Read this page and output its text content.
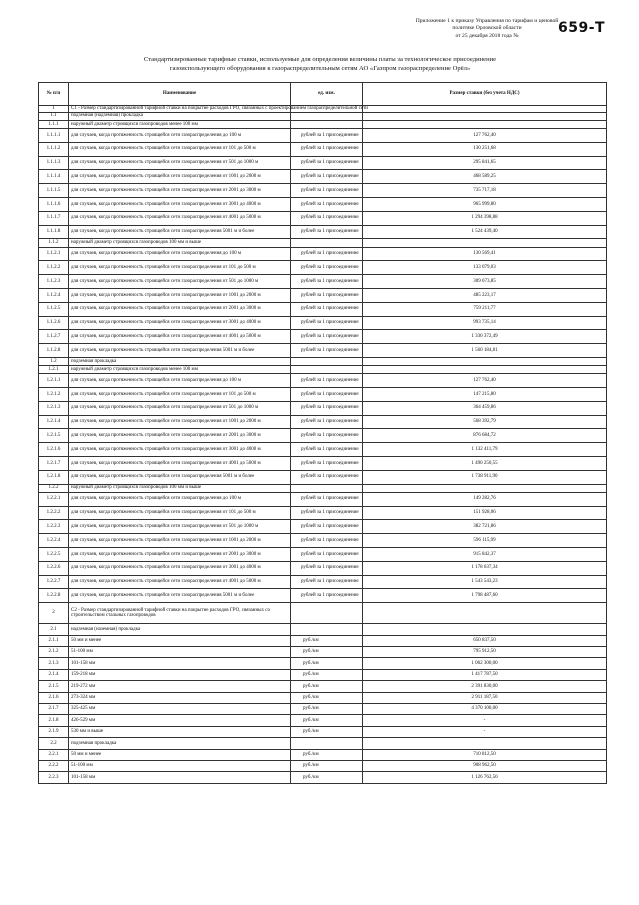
Приложение 1 к приказу Управления по тарифам и ценовой
политике Орловской области
от 25 декабря 2018 года №	659-Т
Стандартизированные тарифные ставки, используемые для определения величины платы за технологическое присоединение
газоиспользующего оборудования к газораспределительным сетям АО «Газпром газораспределение Орёл»
№ п/п	Наименование	ед. изм.	Размер ставки (без учета НДС)
1	С1 - Размер стандартизированной тарифной ставки на покрытие расходов ГРО, связанных с проектированием газораспределительной сети		
1.1	подземная (надземная) прокладка		
1.1.1	наружный диаметр строящихся газопроводов менее 100 мм		
1.1.1.1	для случаев, когда протяженность строящейся сети газораспределения до 100 м	рублей за 1 присоединение	127 762,40
1.1.1.2	для случаев, когда протяженность строящейся сети газораспределения от 101 до 500 м	рублей за 1 присоединение	130 251,68
1.1.1.3	для случаев, когда протяженность строящейся сети газораспределения от 501 до 1000 м	рублей за 1 присоединение	295 841,65
1.1.1.4	для случаев, когда протяженность строящейся сети газораспределения от 1001 до 2000 м	рублей за 1 присоединение	468 589,25
1.1.1.5	для случаев, когда протяженность строящейся сети газораспределения от 2001 до 3000 м	рублей за 1 присоединение	735 717,18
1.1.1.6	для случаев, когда протяженность строящейся сети газораспределения от 3001 до 4000 м	рублей за 1 присоединение	965 999,80
1.1.1.7	для случаев, когда протяженность строящейся сети газораспределения от 4001 до 5000 м	рублей за 1 присоединение	1 294 398,88
1.1.1.8	для случаев, когда протяженность строящейся сети газораспределения 5001 м и более	рублей за 1 присоединение	1 524 439,40
1.1.2	наружный диаметр строящихся газопроводов 100 мм и выше		
1.1.2.1	для случаев, когда протяженность строящейся сети газораспределения до 100 м	рублей за 1 присоединение	130 569,41
1.1.2.2	для случаев, когда протяженность строящейся сети газораспределения от 101 до 500 м	рублей за 1 присоединение	133 079,03
1.1.2.3	для случаев, когда протяженность строящейся сети газораспределения от 501 до 1000 м	рублей за 1 присоединение	309 673,85
1.1.2.4	для случаев, когда протяженность строящейся сети газораспределения от 1001 до 2000 м	рублей за 1 присоединение	485 223,17
1.1.2.5	для случаев, когда протяженность строящейся сети газораспределения от 2001 до 3000 м	рублей за 1 присоединение	759 211,77
1.1.2.6	для случаев, когда протяженность строящейся сети газораспределения от 3001 до 4000 м	рублей за 1 присоединение	993 735,14
1.1.2.7	для случаев, когда протяженность строящейся сети газораспределения от 4001 до 5000 м	рублей за 1 присоединение	1 330 372,49
1.1.2.8	для случаев, когда протяженность строящейся сети газораспределения 5001 м и более	рублей за 1 присоединение	1 560 184,81
1.2	подземная прокладка		
1.2.1	наружный диаметр строящихся газопроводов менее 100 мм		
1.2.1.1	для случаев, когда протяженность строящейся сети газораспределения до 100 м	рублей за 1 присоединение	127 762,40
1.2.1.2	для случаев, когда протяженность строящейся сети газораспределения от 101 до 500 м	рублей за 1 присоединение	147 215,80
1.2.1.3	для случаев, когда протяженность строящейся сети газораспределения от 501 до 1000 м	рублей за 1 присоединение	364 459,86
1.2.1.4	для случаев, когда протяженность строящейся сети газораспределения от 1001 до 2000 м	рублей за 1 присоединение	568 392,79
1.2.1.5	для случаев, когда протяженность строящейся сети газораспределения от 2001 до 3000 м	рублей за 1 присоединение	876 684,72
1.2.1.6	для случаев, когда протяженность строящейся сети газораспределения от 3001 до 4000 м	рублей за 1 присоединение	1 132 411,79
1.2.1.7	для случаев, когда протяженность строящейся сети газораспределения от 4001 до 5000 м	рублей за 1 присоединение	1 490 250,55
1.2.1.8	для случаев, когда протяженность строящейся сети газораспределения 5001 м и более	рублей за 1 присоединение	1 738 911,90
1.2.2	наружный диаметр строящихся газопроводов 100 мм и выше		
1.2.2.1	для случаев, когда протяженность строящейся сети газораспределения до 100 м	рублей за 1 присоединение	149 282,76
1.2.2.2	для случаев, когда протяженность строящейся сети газораспределения от 101 до 500 м	рублей за 1 присоединение	151 928,06
1.2.2.3	для случаев, когда протяженность строящейся сети газораспределения от 501 до 1000 м	рублей за 1 присоединение	382 721,86
1.2.2.4	для случаев, когда протяженность строящейся сети газораспределения от 1001 до 2000 м	рублей за 1 присоединение	596 115,99
1.2.2.5	для случаев, когда протяженность строящейся сети газораспределения от 2001 до 3000 м	рублей за 1 присоединение	915 842,37
1.2.2.6	для случаев, когда протяженность строящейся сети газораспределения от 3001 до 4000 м	рублей за 1 присоединение	1 178 637,34
1.2.2.7	для случаев, когда протяженность строящейся сети газораспределения от 4001 до 5000 м	рублей за 1 присоединение	1 543 543,23
1.2.2.8	для случаев, когда протяженность строящейся сети газораспределения 5001 м и более	рублей за 1 присоединение	1 798 487,60
2	С2 - Размер стандартизированной тарифной ставки на покрытие расходов ГРО, связанных со строительством стальных газопроводов		
2.1	надземная (наземная) прокладка		
2.1.1	50 мм и менее	руб./км	650 837,50
2.1.2	51-100 мм	руб./км	795 912,50
2.1.3	101-158 мм	руб./км	1 062 300,00
2.1.4	159-218 мм	руб./км	1 417 787,50
2.1.5	219-272 мм	руб./км	2 391 830,00
2.1.6	273-324 мм	руб./км	2 911 187,50
2.1.7	325-425 мм	руб./км	4 370 100,00
2.1.8	426-529 мм	руб./км	-
2.1.9	530 мм и выше	руб./км	-
2.2	подземная прокладка		
2.2.1	50 мм и менее	руб./км	710 812,50
2.2.2	51-100 мм	руб./км	908 962,50
2.2.3	101-158 мм	руб./км	1 126 762,50
